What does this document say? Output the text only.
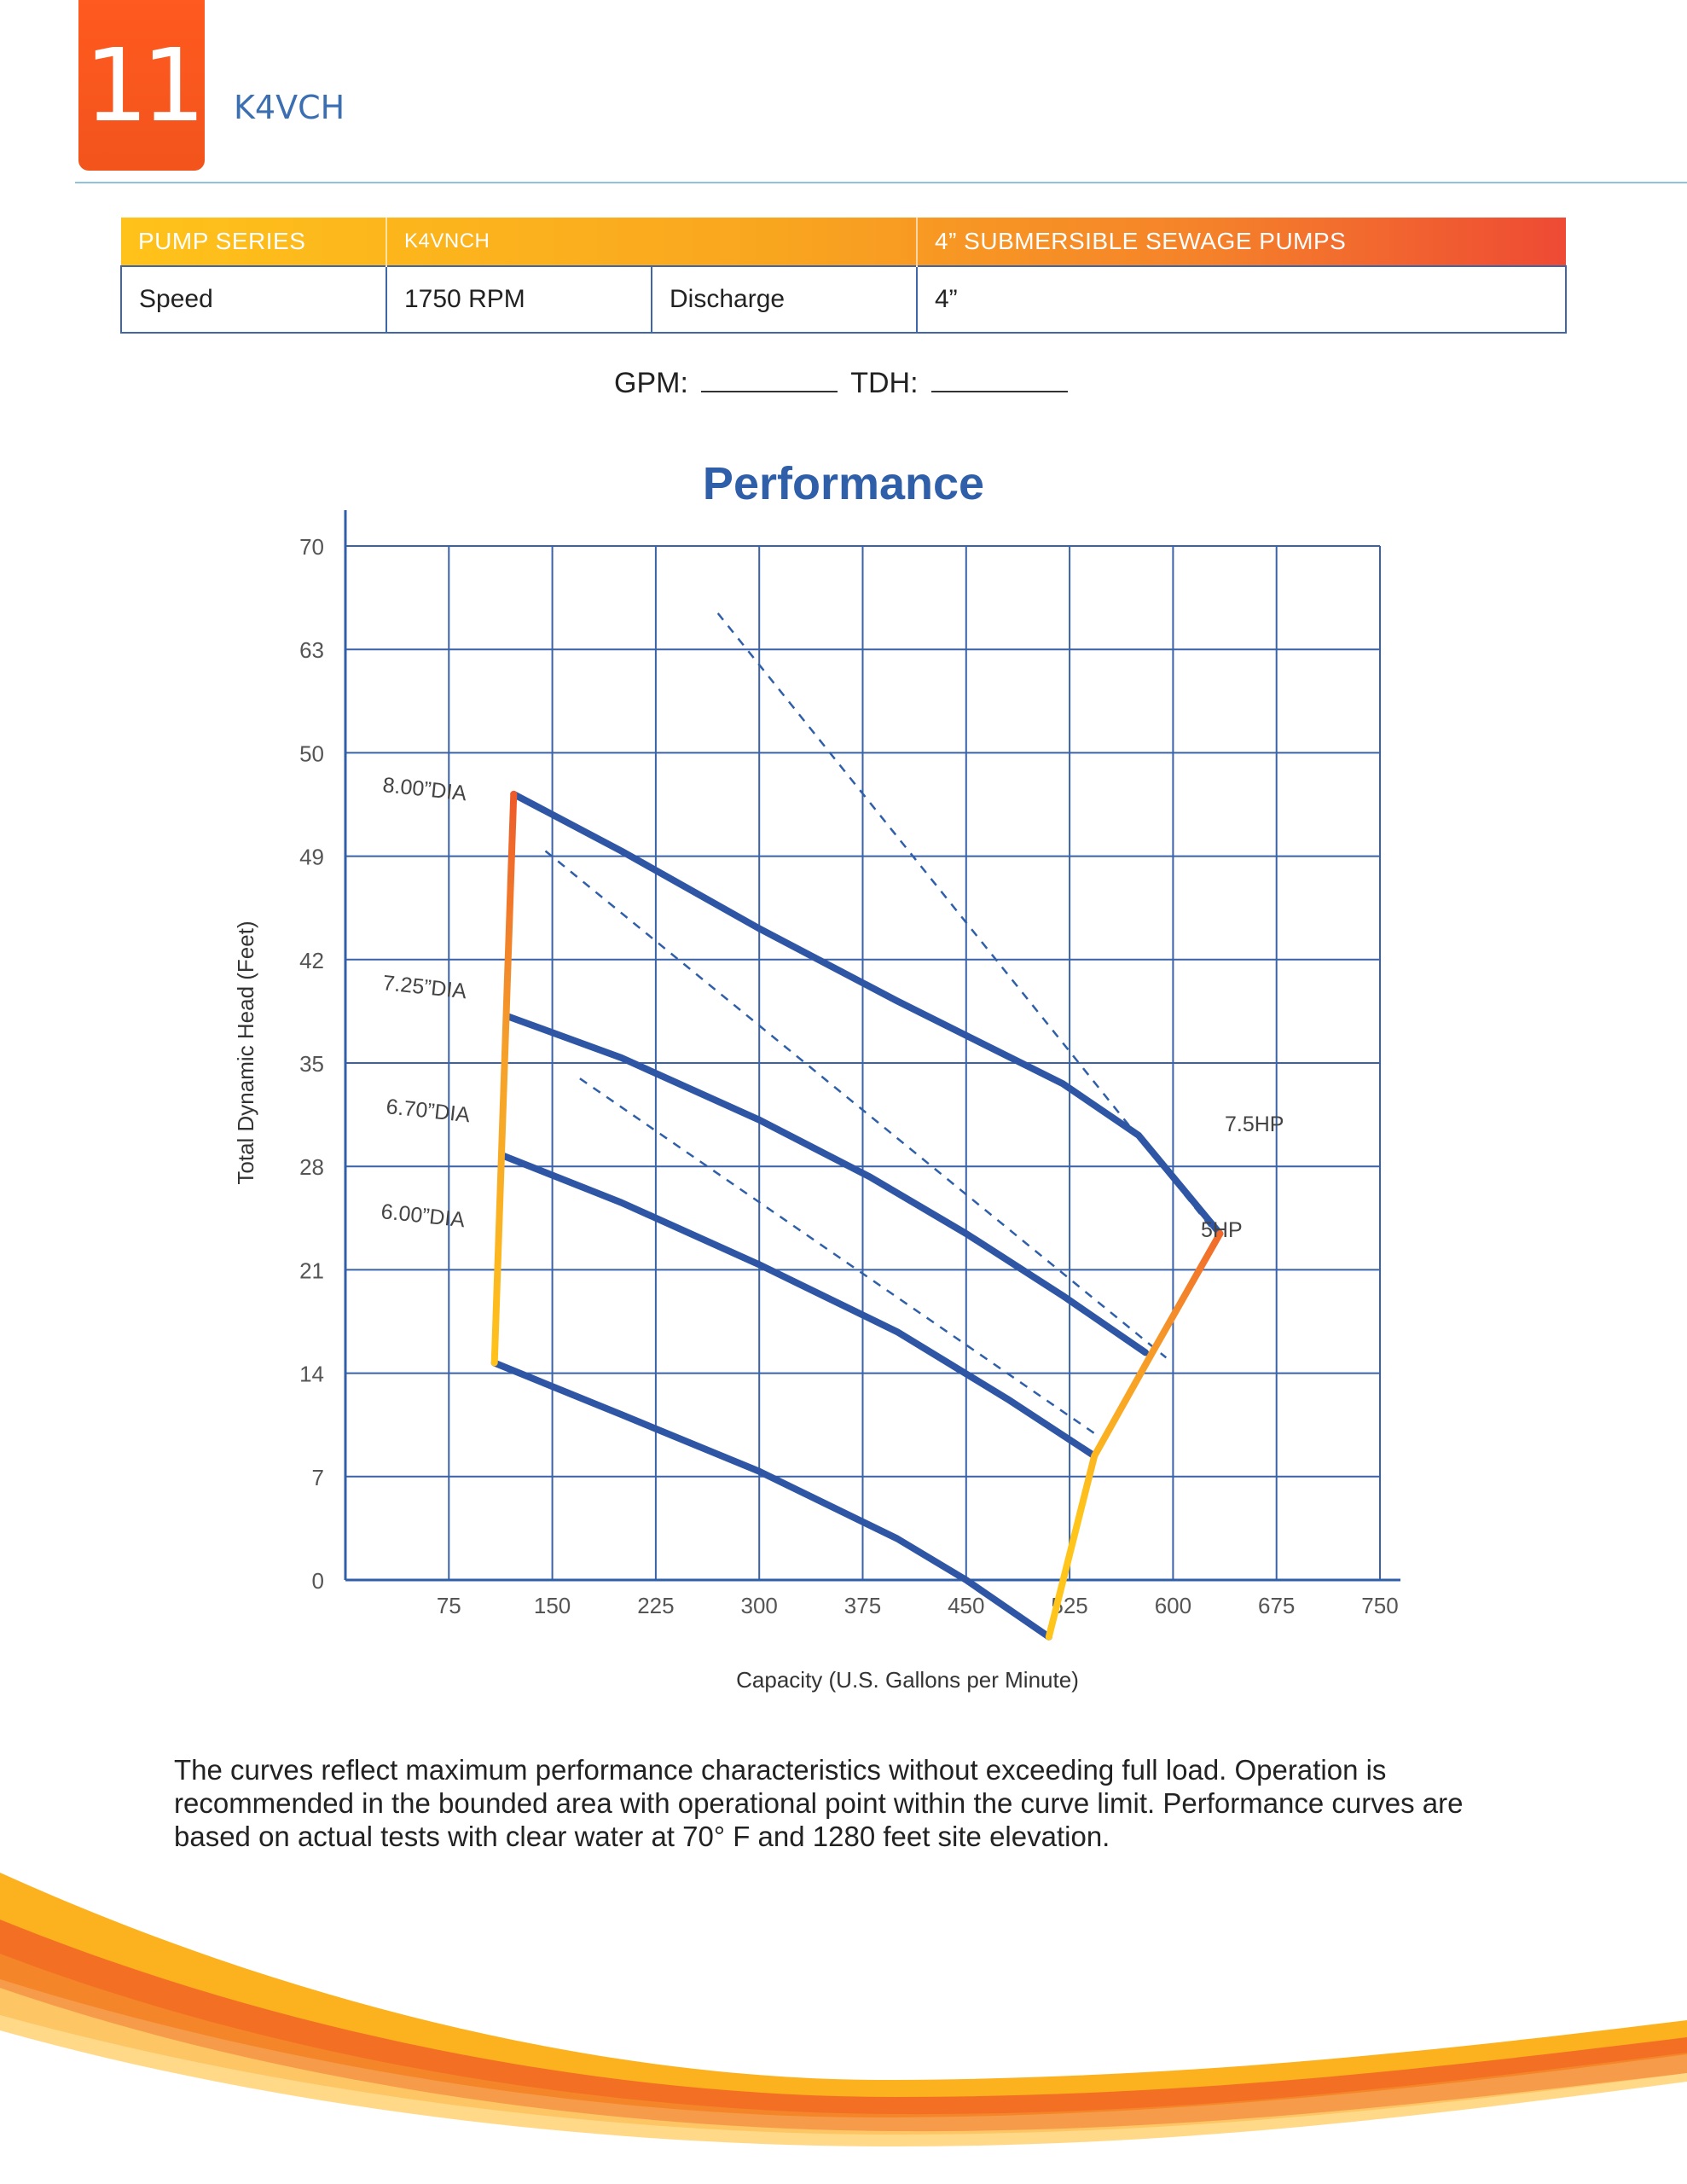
11 K4VCH
PUMP SERIES	K4VNCH		4” SUBMERSIBLE SEWAGE PUMPS
Speed	1750 RPM	Discharge	4”
GPM:	TDH:
Performance
0
7
14
21
28
35
42
49
50
63
70
75	150	225	300	375	450	525	600	675	750
Capacity (U.S. Gallons per Minute)
Total Dynamic Head (Feet)
8.00”DIA
7.25”DIA
6.70”DIA
6.00”DIA
7.5HP
5HP
The curves reflect maximum performance characteristics without exceeding full load. Operation is recommended in the bounded area with operational point within the curve limit. Performance curves are based on actual tests with clear water at 70° F and 1280 feet site elevation.
